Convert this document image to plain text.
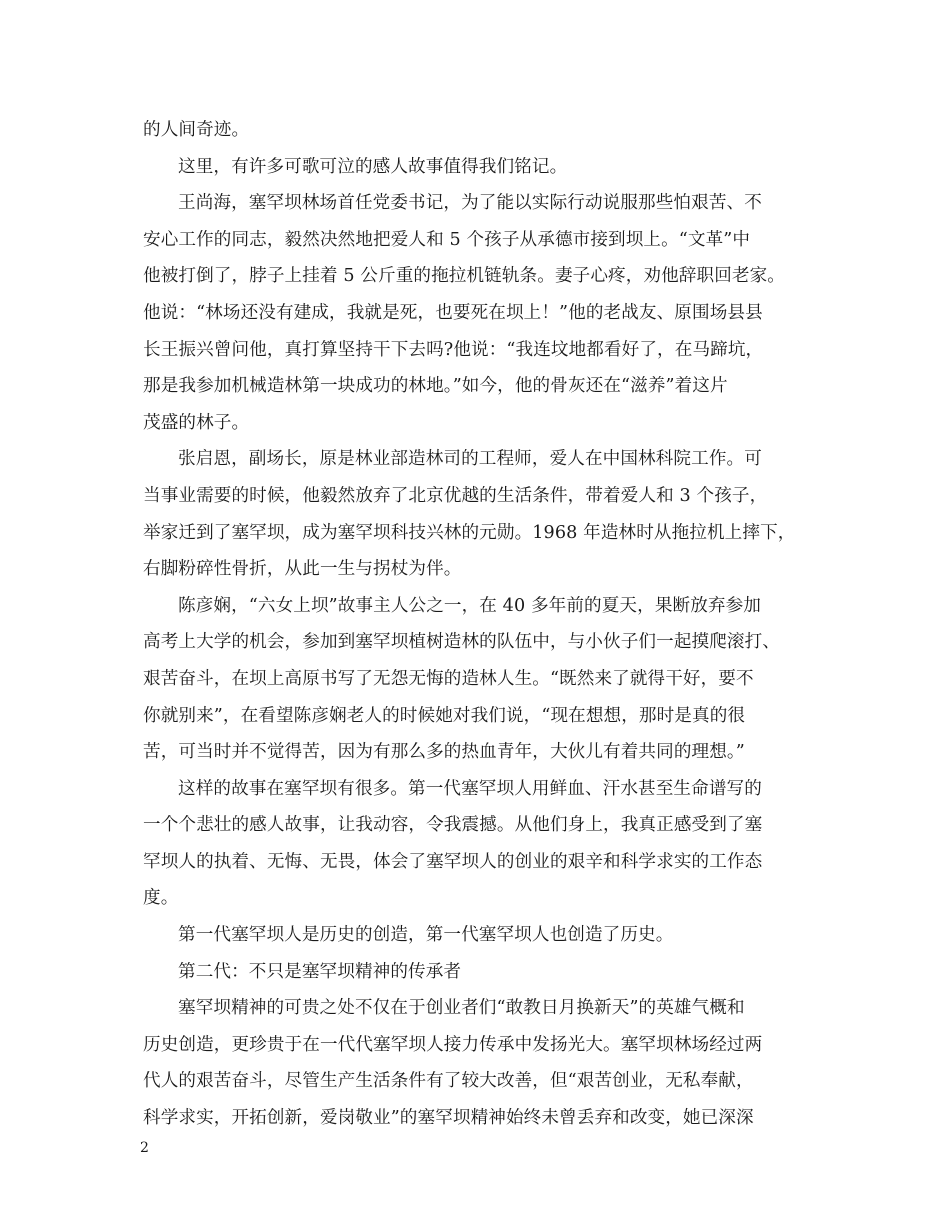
的人间奇迹。
这里，有许多可歌可泣的感人故事值得我们铭记。
王尚海，塞罕坝林场首任党委书记，为了能以实际行动说服那些怕艰苦、不
安心工作的同志，毅然决然地把爱人和 5 个孩子从承德市接到坝上。“文革”中
他被打倒了，脖子上挂着 5 公斤重的拖拉机链轨条。妻子心疼，劝他辞职回老家。
他说：“林场还没有建成，我就是死，也要死在坝上！”他的老战友、原围场县县
长王振兴曾问他，真打算坚持干下去吗?他说：“我连坟地都看好了，在马蹄坑，
那是我参加机械造林第一块成功的林地。”如今，他的骨灰还在“滋养”着这片
茂盛的林子。
张启恩，副场长，原是林业部造林司的工程师，爱人在中国林科院工作。可
当事业需要的时候，他毅然放弃了北京优越的生活条件，带着爱人和 3 个孩子，
举家迁到了塞罕坝，成为塞罕坝科技兴林的元勋。1968 年造林时从拖拉机上摔下，
右脚粉碎性骨折，从此一生与拐杖为伴。
陈彦娴，“六女上坝”故事主人公之一，在 40 多年前的夏天，果断放弃参加
高考上大学的机会，参加到塞罕坝植树造林的队伍中，与小伙子们一起摸爬滚打、
艰苦奋斗，在坝上高原书写了无怨无悔的造林人生。“既然来了就得干好，要不
你就别来”，在看望陈彦娴老人的时候她对我们说，“现在想想，那时是真的很
苦，可当时并不觉得苦，因为有那么多的热血青年，大伙儿有着共同的理想。”
这样的故事在塞罕坝有很多。第一代塞罕坝人用鲜血、汗水甚至生命谱写的
一个个悲壮的感人故事，让我动容，令我震撼。从他们身上，我真正感受到了塞
罕坝人的执着、无悔、无畏，体会了塞罕坝人的创业的艰辛和科学求实的工作态
度。
第一代塞罕坝人是历史的创造，第一代塞罕坝人也创造了历史。
第二代：不只是塞罕坝精神的传承者
塞罕坝精神的可贵之处不仅在于创业者们“敢教日月换新天”的英雄气概和
历史创造，更珍贵于在一代代塞罕坝人接力传承中发扬光大。塞罕坝林场经过两
代人的艰苦奋斗，尽管生产生活条件有了较大改善，但“艰苦创业，无私奉献，
科学求实，开拓创新，爱岗敬业”的塞罕坝精神始终未曾丢弃和改变，她已深深
2
